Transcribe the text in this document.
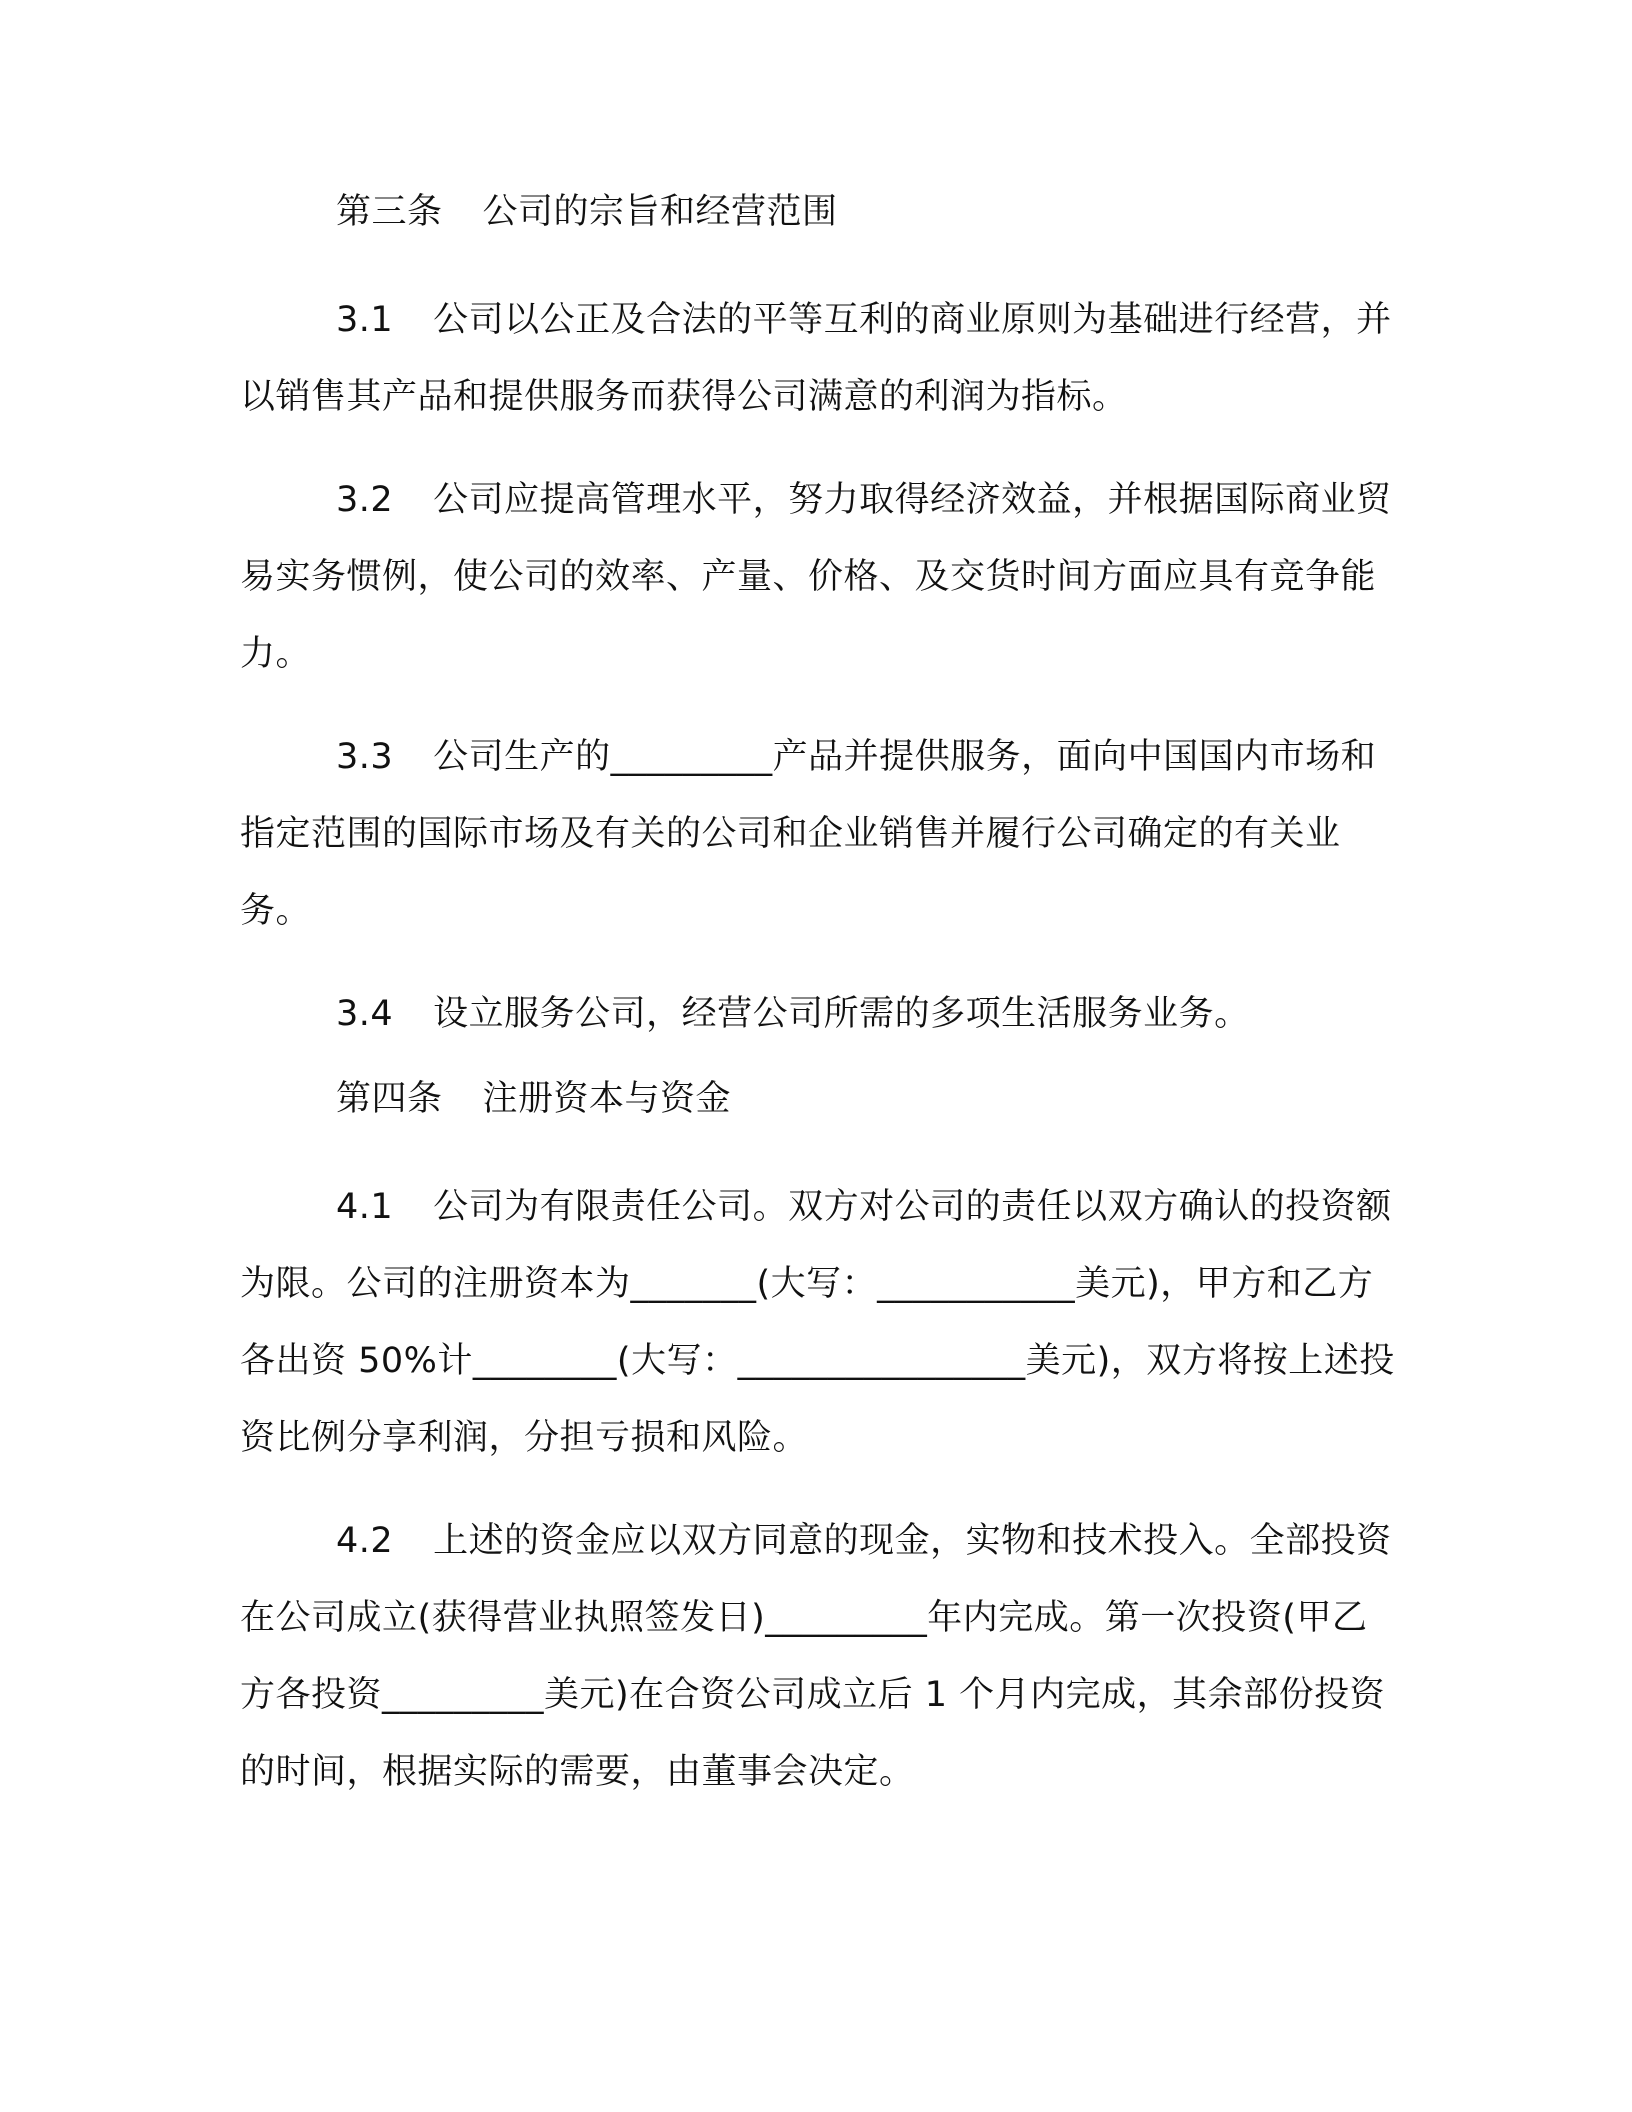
第三条 公司的宗旨和经营范围

3.1 公司以公正及合法的平等互利的商业原则为基础进行经营，并以销售其产品和提供服务而获得公司满意的利润为指标。

3.2 公司应提高管理水平，努力取得经济效益，并根据国际商业贸易实务惯例，使公司的效率、产量、价格、及交货时间方面应具有竞争能力。

3.3 公司生产的_________产品并提供服务，面向中国国内市场和指定范围的国际市场及有关的公司和企业销售并履行公司确定的有关业务。

3.4 设立服务公司，经营公司所需的多项生活服务业务。

第四条 注册资本与资金

4.1 公司为有限责任公司。双方对公司的责任以双方确认的投资额为限。公司的注册资本为_______(大写：___________美元)，甲方和乙方各出资 50%计________(大写：________________美元)，双方将按上述投资比例分享利润，分担亏损和风险。

4.2 上述的资金应以双方同意的现金，实物和技术投入。全部投资在公司成立(获得营业执照签发日)_________年内完成。第一次投资(甲乙方各投资_________美元)在合资公司成立后 1 个月内完成，其余部份投资的时间，根据实际的需要，由董事会决定。
